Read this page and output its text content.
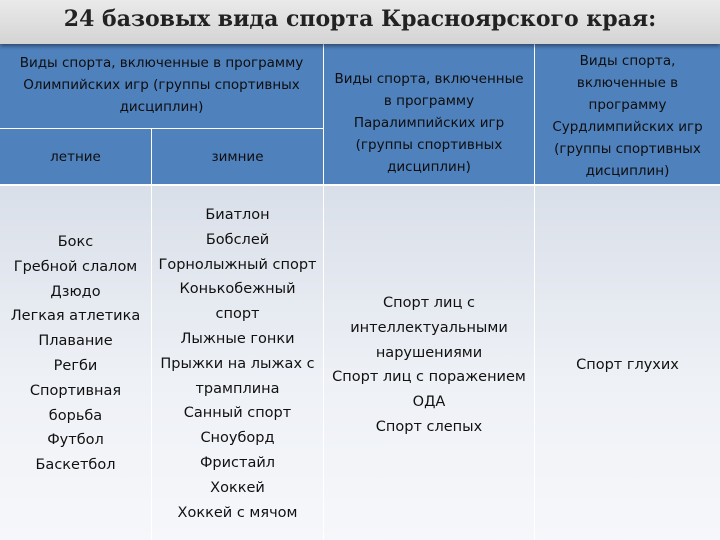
24 базовых вида спорта Красноярского края:
Виды спорта, включенные в программу Олимпийских игр (группы спортивных дисциплин)
летние	зимние
Виды спорта, включенные в программу Паралимпийских игр (группы спортивных дисциплин)
Виды спорта, включенные в программу Сурдлимпийских игр (группы спортивных дисциплин)
Бокс
Гребной слалом
Дзюдо
Легкая атлетика
Плавание
Регби
Спортивная
борьба
Футбол
Баскетбол
Биатлон
Бобслей
Горнолыжный спорт
Конькобежный
спорт
Лыжные гонки
Прыжки на лыжах с
трамплина
Санный спорт
Сноуборд
Фристайл
Хоккей
Хоккей с мячом
Спорт лиц с
интеллектуальными
нарушениями
Спорт лиц с поражением
ОДА
Спорт слепых
Спорт глухих
